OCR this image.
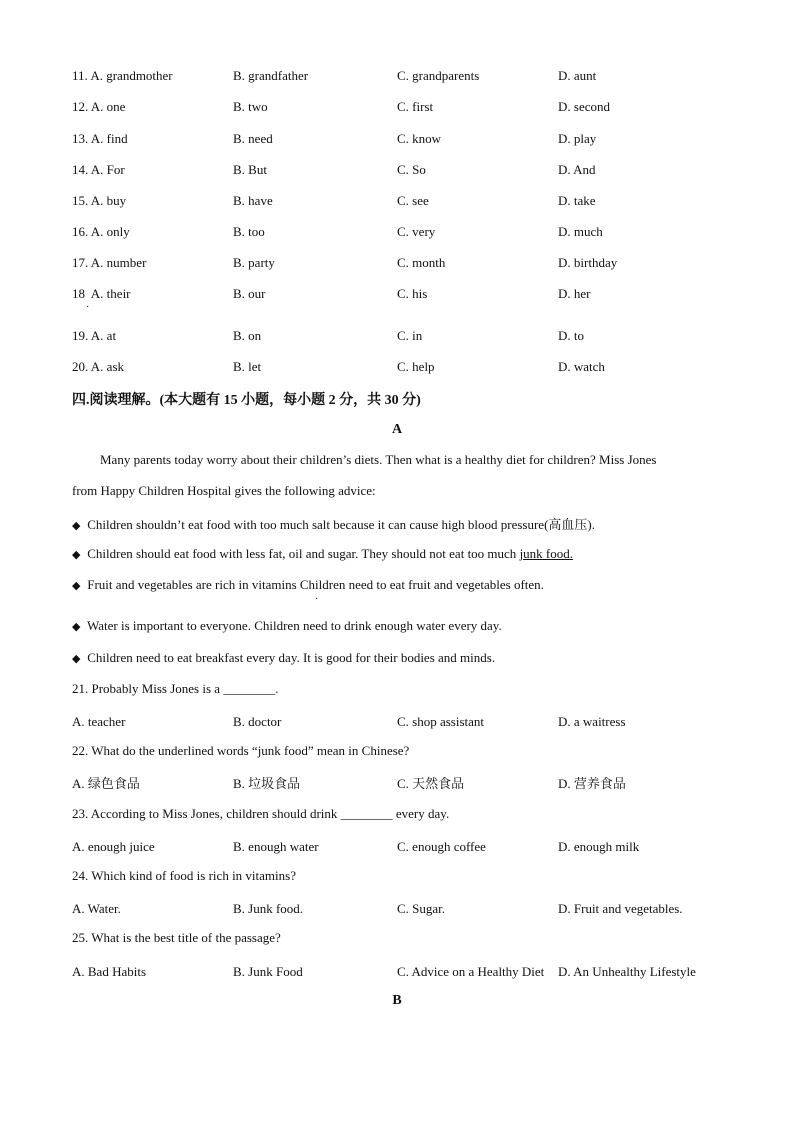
11. A. grandmother	B. grandfather	C. grandparents	D. aunt
12. A. one	B. two	C. first	D. second
13. A. find	B. need	C. know	D. play
14. A. For	B. But	C. So	D. And
15. A. buy	B. have	C. see	D. take
16. A. only	B. too	C. very	D. much
17. A. number	B. party	C. month	D. birthday
18 A. their	B. our	C. his	D. her
·
19. A. at	B. on	C. in	D. to
20. A. ask	B. let	C. help	D. watch
四.阅读理解。(本大题有 15 小题，每小题 2 分，共 30 分)
A
Many parents today worry about their children’s diets. Then what is a healthy diet for children? Miss Jones
from Happy Children Hospital gives the following advice:
◆ Children shouldn’t eat food with too much salt because it can cause high blood pressure(高血压).
◆ Children should eat food with less fat, oil and sugar. They should not eat too much junk food.
◆ Fruit and vegetables are rich in vitamins Children need to eat fruit and vegetables often.
·
◆ Water is important to everyone. Children need to drink enough water every day.
◆ Children need to eat breakfast every day. It is good for their bodies and minds.
21. Probably Miss Jones is a ________.
A. teacher	B. doctor	C. shop assistant	D. a waitress
22. What do the underlined words “junk food” mean in Chinese?
A. 绿色食品	B. 垃圾食品	C. 天然食品	D. 营养食品
23. According to Miss Jones, children should drink ________ every day.
A. enough juice	B. enough water	C. enough coffee	D. enough milk
24. Which kind of food is rich in vitamins?
A. Water.	B. Junk food.	C. Sugar.	D. Fruit and vegetables.
25. What is the best title of the passage?
A. Bad Habits	B. Junk Food	C. Advice on a Healthy Diet D. An Unhealthy Lifestyle
B
